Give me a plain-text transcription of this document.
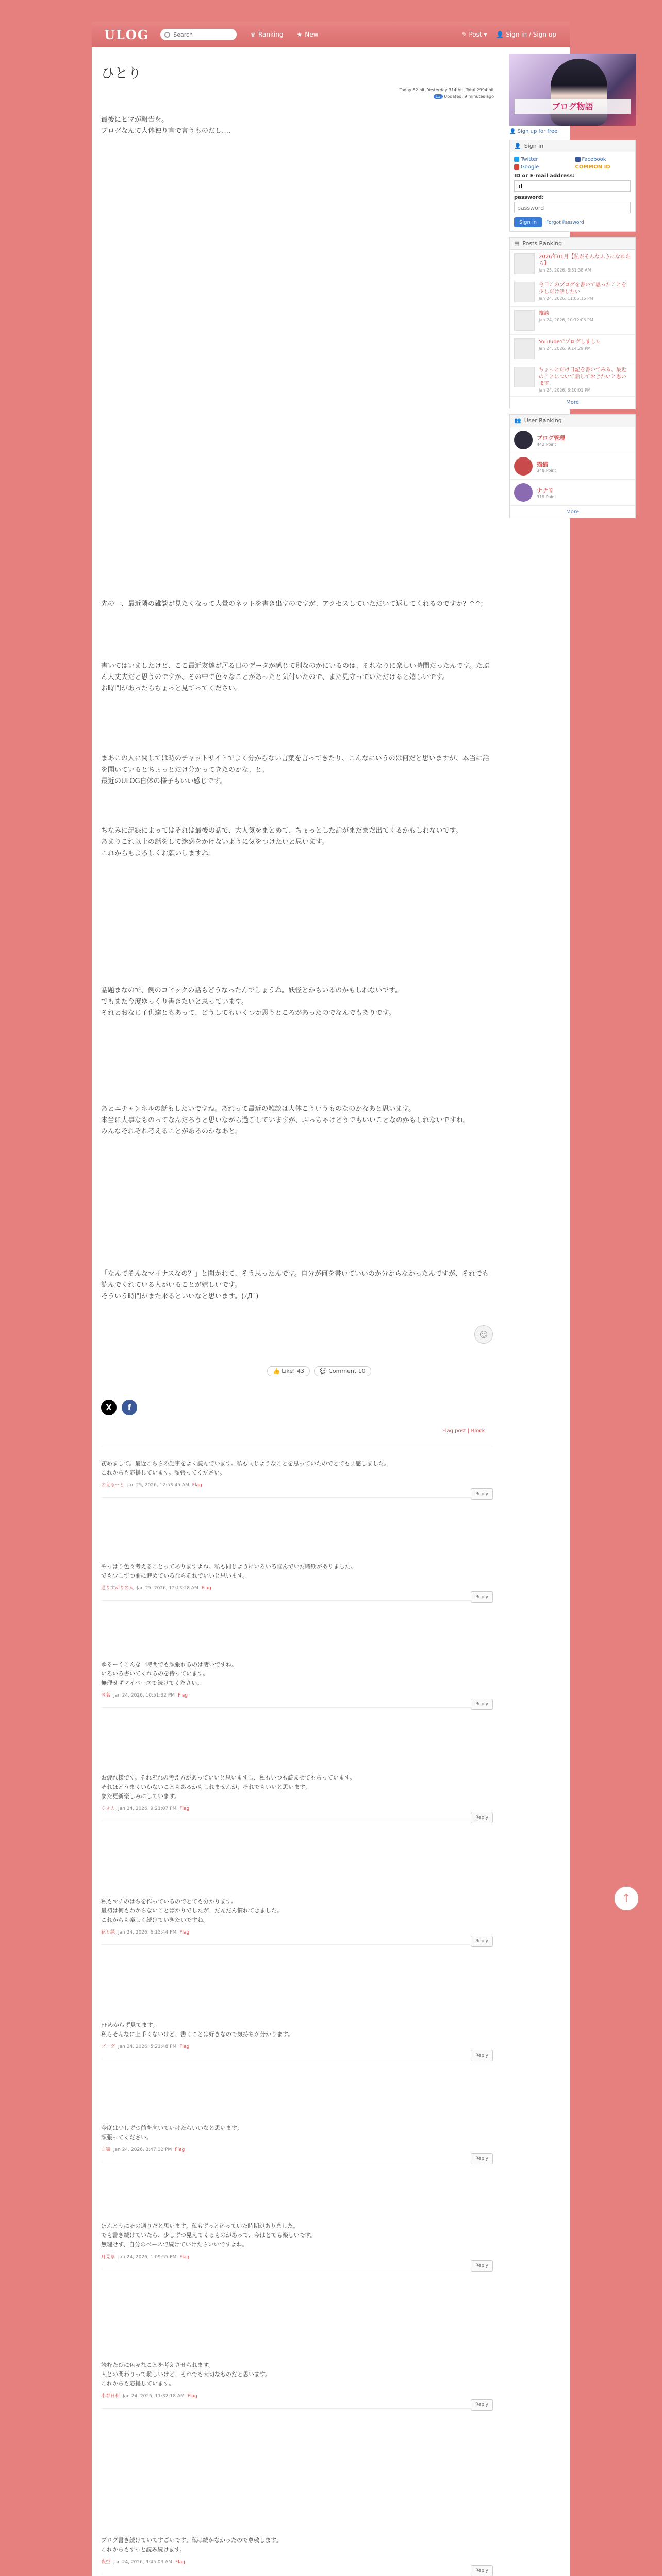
ULOG
Search	♛ Ranking ★ New	✎ Post ▾ 👤 Sign in / Sign up
ひとり
Today 82 hit, Yesterday 314 hit, Total 2994 hit
13 Updated: 9 minutes ago

最後にヒマが報告を。

ブログなんて大体独り言で言うものだし‥‥

先の一、最近隣の雑談が見たくなって大量のネットを書き出すのですが、アクセスしていただいて返してくれるのですか？^^;

書いてはいましたけど、ここ最近友達が居る日のデータが感じて別なのかにいるのは、それなりに楽しい時間だったんです。たぶん大丈夫だと思うのですが、その中で色々なことがあったと気付いたので、また見守っていただけると嬉しいです。

お時間があったらちょっと見てってください。

まあこの人に関しては時のチャットサイトでよく分からない言葉を言ってきたり、こんなにいうのは何だと思いますが、本当に話を聞いているとちょっとだけ分かってきたのかな、と、

最近のULOG自体の様子もいい感じです。

ちなみに記録によってはそれは最後の話で、大人気をまとめて、ちょっとした話がまだまだ出てくるかもしれないです。

あまりこれ以上の話をして迷惑をかけないように気をつけたいと思います。

これからもよろしくお願いしますね。

話題まなので、例のコピックの話もどうなったんでしょうね。妖怪とかもいるのかもしれないです。

でもまた今度ゆっくり書きたいと思っています。

それとおなじ子供達ともあって、どうしてもいくつか思うところがあったのでなんでもありです。

あとニチャンネルの話もしたいですね。あれって最近の雑談は大体こういうものなのかなあと思います。

本当に大事なものってなんだろうと思いながら過ごしていますが、ぶっちゃけどうでもいいことなのかもしれないですね。

みんなそれぞれ考えることがあるのかなあと。

「なんでそんなマイナスなの？」と聞かれて、そう思ったんです。自分が何を書いていいのか分からなかったんですが、それでも読んでくれている人がいることが嬉しいです。

そういう時間がまた来るといいなと思います。(ﾉД`)

☺
👍 Like! 43	💬 Comment 10
X	f
Flag post | Block

初めまして。最近こちらの記事をよく読んでいます。私も同じようなことを思っていたのでとても共感しました。

これからも応援しています。頑張ってください。

のえるーと Jan 25, 2026, 12:53:45 AM Flag
Reply

やっぱり色々考えることってありますよね。私も同じようにいろいろ悩んでいた時期がありました。

でも少しずつ前に進めているならそれでいいと思います。

通りすがりの人 Jan 25, 2026, 12:13:28 AM Flag
Reply

ゆるーくこんな一時間でも頑張れるのは凄いですね。

いろいろ書いてくれるのを待っています。

無理せずマイペースで続けてください。

匿名 Jan 24, 2026, 10:51:32 PM Flag
Reply

お疲れ様です。それぞれの考え方があっていいと思いますし、私もいつも読ませてもらっています。

それほどうまくいかないこともあるかもしれませんが、それでもいいと思います。

また更新楽しみにしています。

ゆきの Jan 24, 2026, 9:21:07 PM Flag
Reply

私もマチのはちを作っているのでとても分かります。

最初は何もわからないことばかりでしたが、だんだん慣れてきました。

これからも楽しく続けていきたいですね。

花と緑 Jan 24, 2026, 6:13:44 PM Flag
Reply

FFめからず見てます。

私もそんなに上手くないけど、書くことは好きなので気持ちが分かります。

ブログ Jan 24, 2026, 5:21:48 PM Flag
Reply

今度は少しずつ前を向いていけたらいいなと思います。

頑張ってください。

白猫 Jan 24, 2026, 3:47:12 PM Flag
Reply

ほんとうにその通りだと思います。私もずっと迷っていた時期がありました。

でも書き続けていたら、少しずつ見えてくるものがあって、今はとても楽しいです。

無理せず、自分のペースで続けていけたらいいですよね。

月見草 Jan 24, 2026, 1:09:55 PM Flag
Reply

読むたびに色々なことを考えさせられます。

人との関わりって難しいけど、それでも大切なものだと思います。

これからも応援しています。

小春日和 Jan 24, 2026, 11:32:18 AM Flag
Reply

ブログ書き続けていてすごいです。私は続かなかったので尊敬します。

これからもずっと読み続けます。

夜空 Jan 24, 2026, 9:45:03 AM Flag
Reply
ブログ物語
👤 Sign up for free
👤 Sign in
Twitter	Facebook
Google	COMMON ID
ID or E-mail address:
id
password:
password
Sign in	Forgot Password
▤ Posts Ranking
2026年01月【私がそんなふうになれたら】
Jan 25, 2026, 8:51:38 AM
今日このブログを書いて思ったことを少しだけ話したい
Jan 24, 2026, 11:05:16 PM
雑談
Jan 24, 2026, 10:12:03 PM
YouTubeでブログしました
Jan 24, 2026, 9:14:29 PM
ちょっとだけ日記を書いてみる、最近のことについて話しておきたいと思います。
Jan 24, 2026, 6:10:01 PM
More
👥 User Ranking
ブログ管理
442 Point
猫猫
348 Point
ナナリ
319 Point
More
↑
